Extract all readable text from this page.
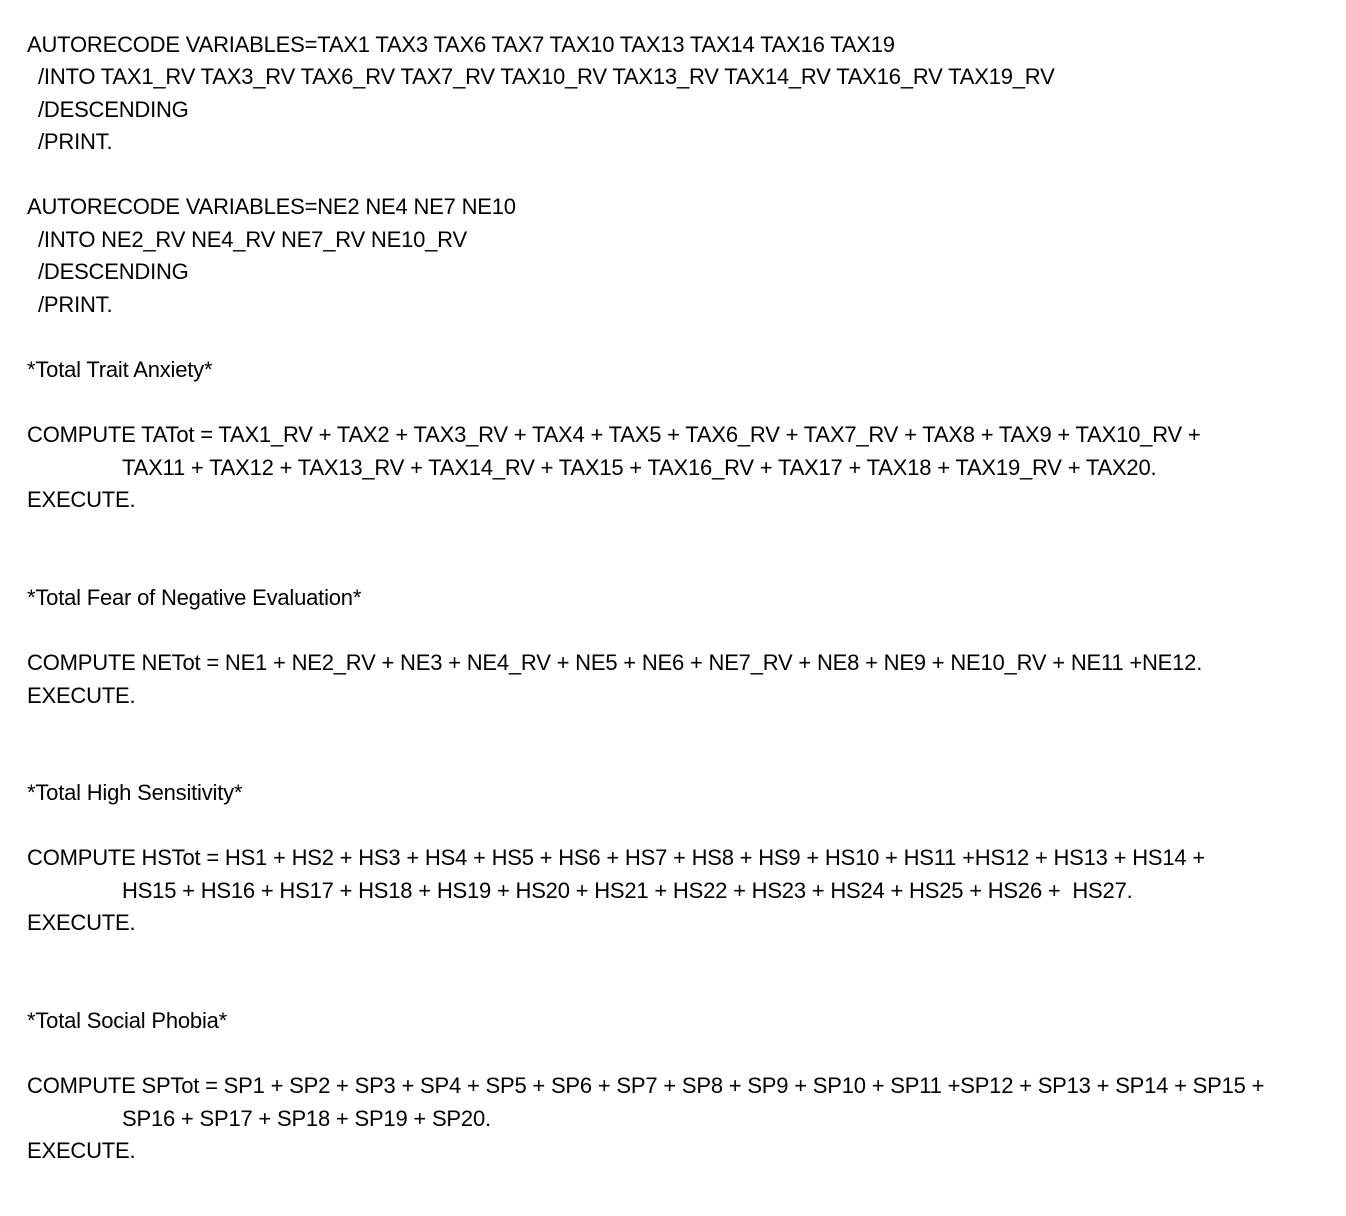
AUTORECODE VARIABLES=TAX1 TAX3 TAX6 TAX7 TAX10 TAX13 TAX14 TAX16 TAX19
/INTO TAX1_RV TAX3_RV TAX6_RV TAX7_RV TAX10_RV TAX13_RV TAX14_RV TAX16_RV TAX19_RV
/DESCENDING
/PRINT.
AUTORECODE VARIABLES=NE2 NE4 NE7 NE10
/INTO NE2_RV NE4_RV NE7_RV NE10_RV
/DESCENDING
/PRINT.
*Total Trait Anxiety*
COMPUTE TATot = TAX1_RV + TAX2 + TAX3_RV + TAX4 + TAX5 + TAX6_RV + TAX7_RV + TAX8 + TAX9 + TAX10_RV +
TAX11 + TAX12 + TAX13_RV + TAX14_RV + TAX15 + TAX16_RV + TAX17 + TAX18 + TAX19_RV + TAX20.
EXECUTE.
*Total Fear of Negative Evaluation*
COMPUTE NETot = NE1 + NE2_RV + NE3 + NE4_RV + NE5 + NE6 + NE7_RV + NE8 + NE9 + NE10_RV + NE11 +NE12.
EXECUTE.
*Total High Sensitivity*
COMPUTE HSTot = HS1 + HS2 + HS3 + HS4 + HS5 + HS6 + HS7 + HS8 + HS9 + HS10 + HS11 +HS12 + HS13 + HS14 +
HS15 + HS16 + HS17 + HS18 + HS19 + HS20 + HS21 + HS22 + HS23 + HS24 + HS25 + HS26 +  HS27.
EXECUTE.
*Total Social Phobia*
COMPUTE SPTot = SP1 + SP2 + SP3 + SP4 + SP5 + SP6 + SP7 + SP8 + SP9 + SP10 + SP11 +SP12 + SP13 + SP14 + SP15 +
SP16 + SP17 + SP18 + SP19 + SP20.
EXECUTE.
